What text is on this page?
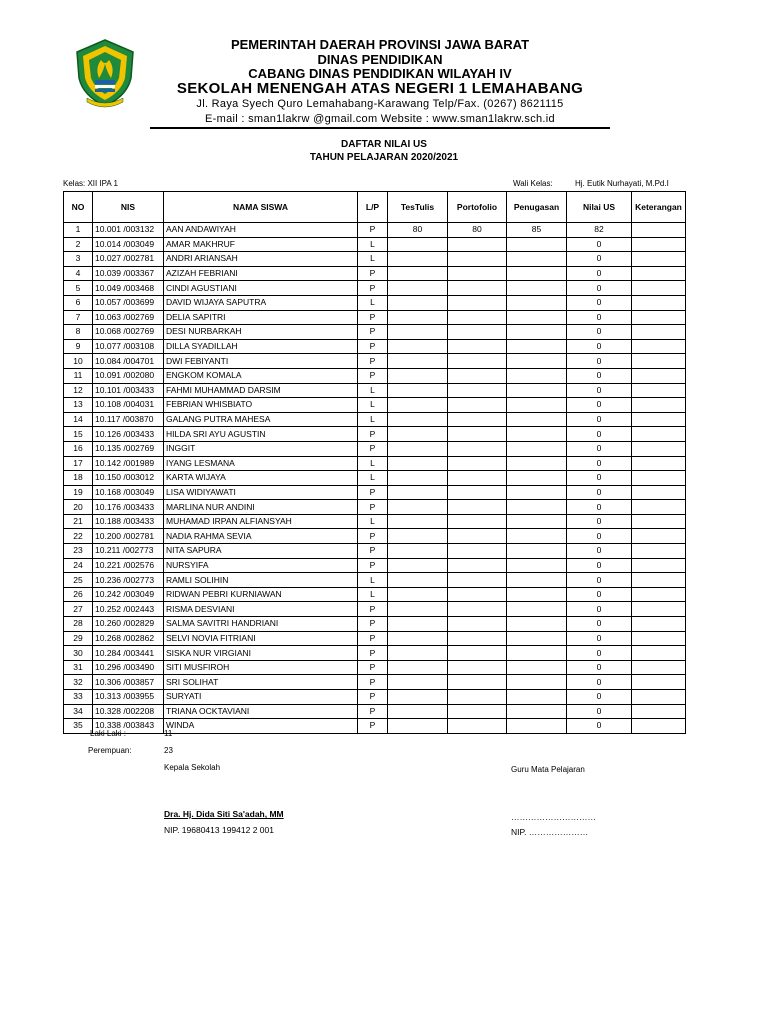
PEMERINTAH DAERAH PROVINSI JAWA BARAT
DINAS PENDIDIKAN
CABANG DINAS PENDIDIKAN WILAYAH IV
SEKOLAH MENENGAH ATAS NEGERI 1 LEMAHABANG
Jl. Raya Syech Quro Lemahabang-Karawang Telp/Fax. (0267) 8621115
E-mail : sman1lakrw @gmail.com Website : www.sman1lakrw.sch.id
DAFTAR NILAI US
TAHUN PELAJARAN 2020/2021
Kelas: XII IPA 1	Wali Kelas:	Hj. Eutik Nurhayati, M.Pd.I
NO	NIS	NAMA SISWA	L/P	TesTulis	Portofolio	Penugasan	Nilai US	Keterangan
1	10.001 /003132	AAN ANDAWIYAH	P	80	80	85	82	
2	10.014 /003049	AMAR MAKHRUF	L				0	
3	10.027 /002781	ANDRI ARIANSAH	L				0	
4	10.039 /003367	AZIZAH FEBRIANI	P				0	
5	10.049 /003468	CINDI AGUSTIANI	P				0	
6	10.057 /003699	DAVID WIJAYA SAPUTRA	L				0	
7	10.063 /002769	DELIA SAPITRI	P				0	
8	10.068 /002769	DESI NURBARKAH	P				0	
9	10.077 /003108	DILLA SYADILLAH	P				0	
10	10.084 /004701	DWI FEBIYANTI	P				0	
11	10.091 /002080	ENGKOM KOMALA	P				0	
12	10.101 /003433	FAHMI MUHAMMAD DARSIM	L				0	
13	10.108 /004031	FEBRIAN WHISBIATO	L				0	
14	10.117 /003870	GALANG PUTRA MAHESA	L				0	
15	10.126 /003433	HILDA SRI AYU AGUSTIN	P				0	
16	10.135 /002769	INGGIT	P				0	
17	10.142 /001989	IYANG LESMANA	L				0	
18	10.150 /003012	KARTA WIJAYA	L				0	
19	10.168 /003049	LISA WIDIYAWATI	P				0	
20	10.176 /003433	MARLINA NUR ANDINI	P				0	
21	10.188 /003433	MUHAMAD IRPAN ALFIANSYAH	L				0	
22	10.200 /002781	NADIA RAHMA SEVIA	P				0	
23	10.211 /002773	NITA SAPURA	P				0	
24	10.221 /002576	NURSYIFA	P				0	
25	10.236 /002773	RAMLI SOLIHIN	L				0	
26	10.242 /003049	RIDWAN PEBRI KURNIAWAN	L				0	
27	10.252 /002443	RISMA DESVIANI	P				0	
28	10.260 /002829	SALMA SAVITRI HANDRIANI	P				0	
29	10.268 /002862	SELVI NOVIA FITRIANI	P				0	
30	10.284 /003441	SISKA NUR VIRGIANI	P				0	
31	10.296 /003490	SITI MUSFIROH	P				0	
32	10.306 /003857	SRI SOLIHAT	P				0	
33	10.313 /003955	SURYATI	P				0	
34	10.328 /002208	TRIANA OCKTAVIANI	P				0	
35	10.338 /003843	WINDA	P				0	
Laki Laki :	11
Perempuan:	23
Kepala Sekolah	Guru Mata Pelajaran
Dra. Hj. Dida Siti Sa'adah, MM
NIP. 19680413 199412 2 001
…………………………
NIP. …………………
